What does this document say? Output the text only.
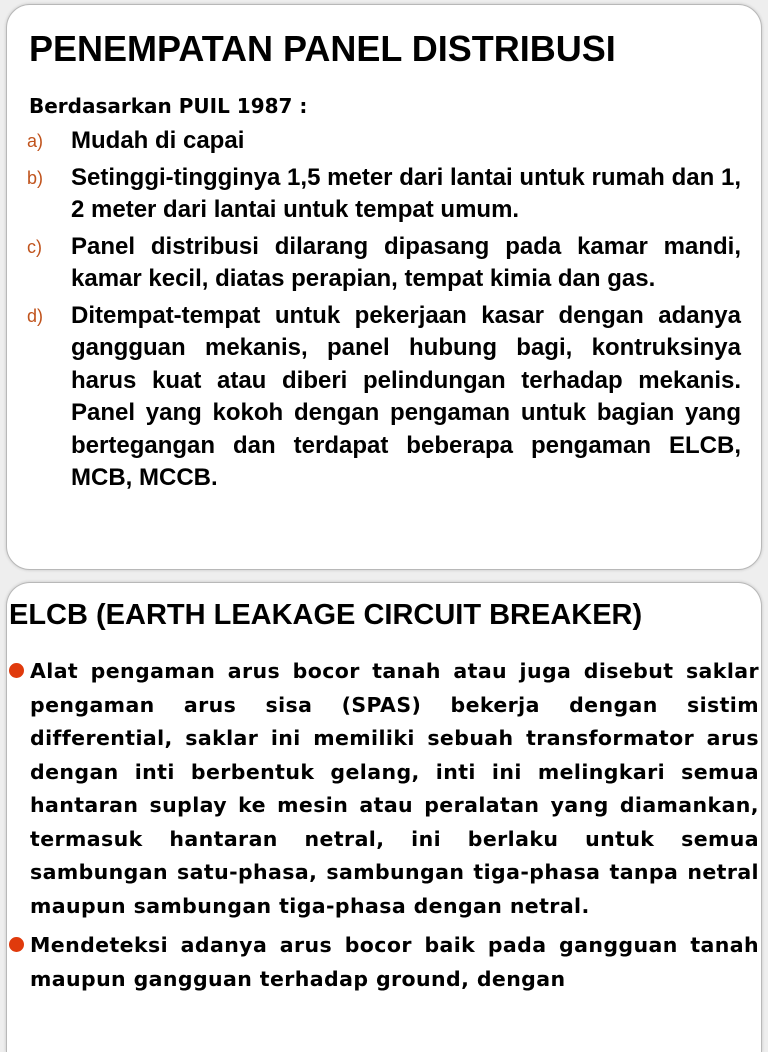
PENEMPATAN PANEL DISTRIBUSI
Berdasarkan PUIL 1987 :
a)	Mudah di capai
b)	Setinggi-tingginya 1,5 meter dari lantai untuk rumah dan 1, 2 meter dari lantai untuk tempat umum.
c)	Panel distribusi dilarang dipasang pada kamar mandi, kamar kecil, diatas perapian, tempat kimia dan gas.
d)	Ditempat-tempat untuk pekerjaan kasar dengan adanya gangguan mekanis, panel hubung bagi, kontruksinya harus kuat atau diberi pelindungan terhadap mekanis. Panel yang kokoh dengan pengaman untuk bagian yang bertegangan dan terdapat beberapa pengaman ELCB, MCB, MCCB.
ELCB (EARTH LEAKAGE CIRCUIT BREAKER)
Alat pengaman arus bocor tanah atau juga disebut saklar pengaman arus sisa (SPAS) bekerja dengan sistim differential, saklar ini memiliki sebuah transformator arus dengan inti berbentuk gelang, inti ini melingkari semua hantaran suplay ke mesin atau peralatan yang diamankan, termasuk hantaran netral, ini berlaku untuk semua sambungan satu-phasa, sambungan tiga-phasa tanpa netral maupun sambungan tiga-phasa dengan netral.
Mendeteksi adanya arus bocor baik pada gangguan tanah maupun gangguan terhadap ground, dengan
